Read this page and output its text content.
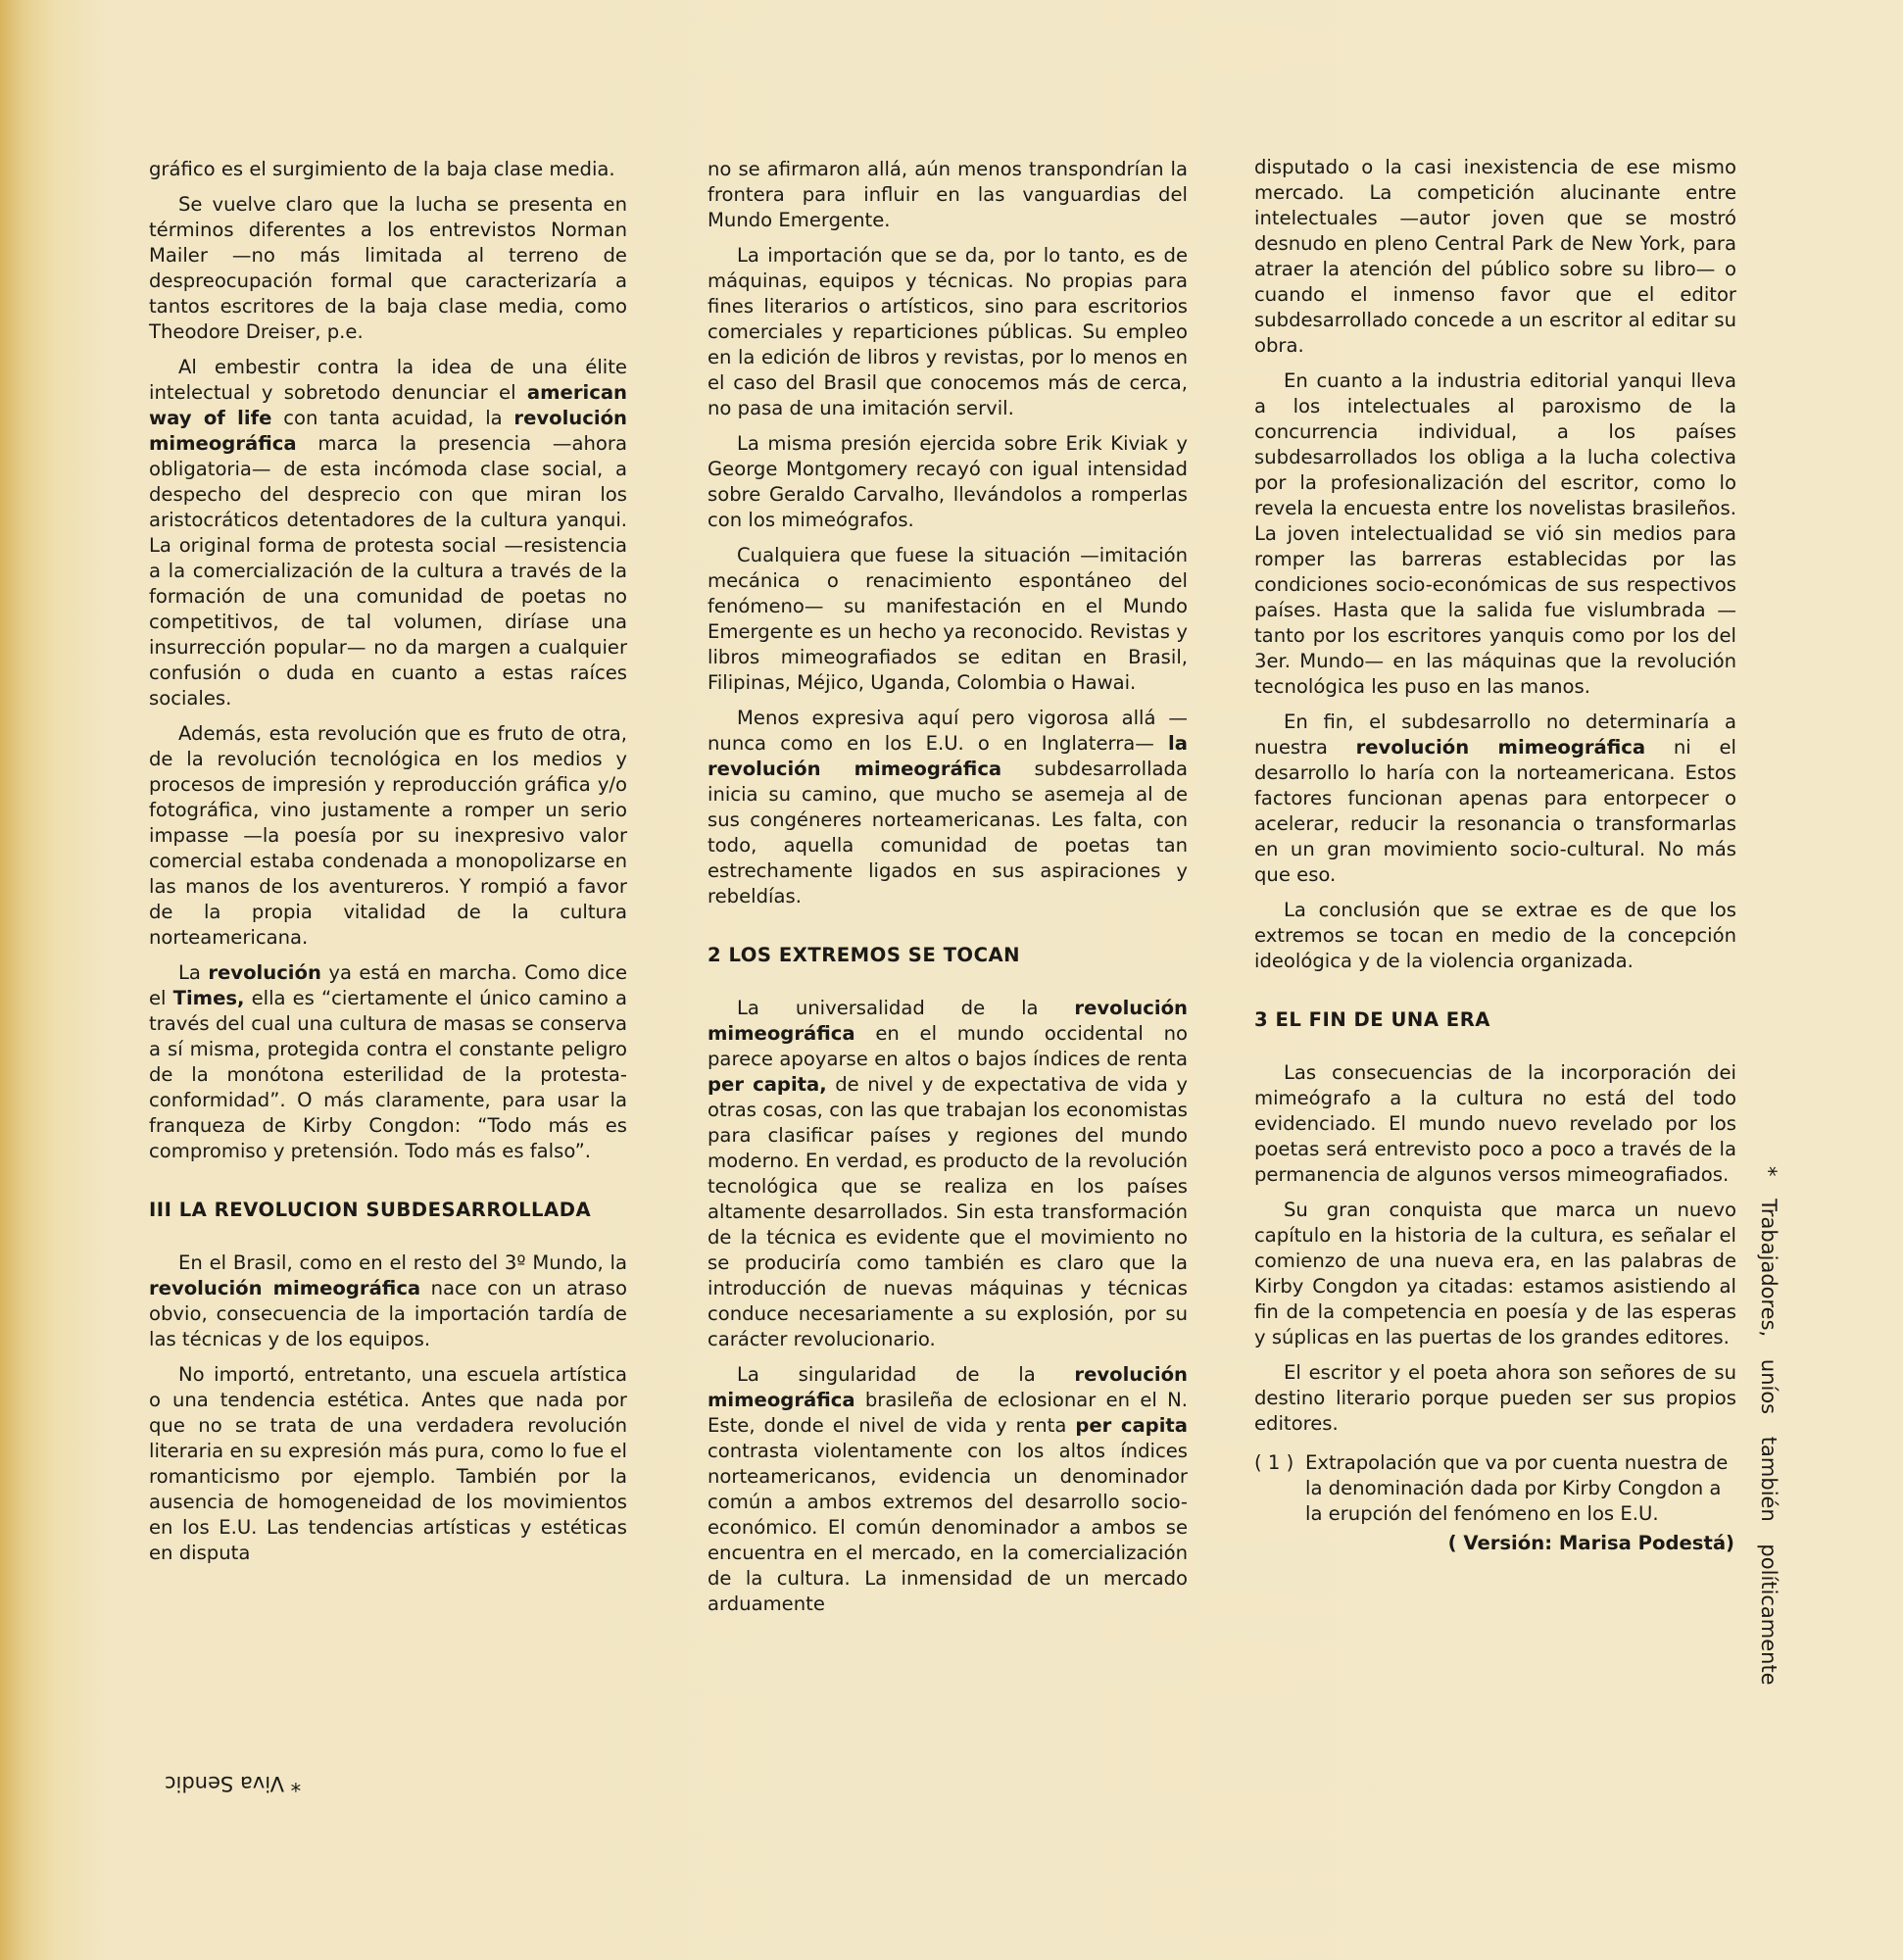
gráfico es el surgimiento de la baja clase media.

Se vuelve claro que la lucha se presenta en términos diferentes a los entrevistos Norman Mailer —no más limitada al terreno de despreocupación formal que caracterizaría a tantos escritores de la baja clase media, como Theodore Dreiser, p.e.

Al embestir contra la idea de una élite intelectual y sobretodo denunciar el american way of life con tanta acuidad, la revolución mimeográfica marca la presencia —ahora obligatoria— de esta incómoda clase social, a despecho del desprecio con que miran los aristocráticos detentadores de la cultura yanqui. La original forma de protesta social —resistencia a la comercialización de la cultura a través de la formación de una comunidad de poetas no competitivos, de tal volumen, diríase una insurrección popular— no da margen a cualquier confusión o duda en cuanto a estas raíces sociales.

Además, esta revolución que es fruto de otra, de la revolución tecnológica en los medios y procesos de impresión y reproducción gráfica y/o fotográfica, vino justamente a romper un serio impasse —la poesía por su inexpresivo valor comercial estaba condenada a monopolizarse en las manos de los aventureros. Y rompió a favor de la propia vitalidad de la cultura norteamericana.

La revolución ya está en marcha. Como dice el Times, ella es “ciertamente el único camino a través del cual una cultura de masas se conserva a sí misma, protegida contra el constante peligro de la monótona esterilidad de la protesta-conformidad”. O más claramente, para usar la franqueza de Kirby Congdon: “Todo más es compromiso y pretensión. Todo más es falso”.

III LA REVOLUCION SUBDESARROLLADA

En el Brasil, como en el resto del 3º Mundo, la revolución mimeográfica nace con un atraso obvio, consecuencia de la importación tardía de las técnicas y de los equipos.

No importó, entretanto, una escuela artística o una tendencia estética. Antes que nada por que no se trata de una verdadera revolución literaria en su expresión más pura, como lo fue el romanticismo por ejemplo. También por la ausencia de homogeneidad de los movimientos en los E.U. Las tendencias artísticas y estéticas en disputa

no se afirmaron allá, aún menos transpondrían la frontera para influir en las vanguardias del Mundo Emergente.

La importación que se da, por lo tanto, es de máquinas, equipos y técnicas. No propias para fines literarios o artísticos, sino para escritorios comerciales y reparticiones públicas. Su empleo en la edición de libros y revistas, por lo menos en el caso del Brasil que conocemos más de cerca, no pasa de una imitación servil.

La misma presión ejercida sobre Erik Kiviak y George Montgomery recayó con igual intensidad sobre Geraldo Carvalho, llevándolos a romperlas con los mimeógrafos.

Cualquiera que fuese la situación —imitación mecánica o renacimiento espontáneo del fenómeno— su manifestación en el Mundo Emergente es un hecho ya reconocido. Revistas y libros mimeografiados se editan en Brasil, Filipinas, Méjico, Uganda, Colombia o Hawai.

Menos expresiva aquí pero vigorosa allá —nunca como en los E.U. o en Inglaterra— la revolución mimeográfica subdesarrollada inicia su camino, que mucho se asemeja al de sus congéneres norteamericanas. Les falta, con todo, aquella comunidad de poetas tan estrechamente ligados en sus aspiraciones y rebeldías.

2 LOS EXTREMOS SE TOCAN

La universalidad de la revolución mimeográfica en el mundo occidental no parece apoyarse en altos o bajos índices de renta per capita, de nivel y de expectativa de vida y otras cosas, con las que trabajan los economistas para clasificar países y regiones del mundo moderno. En verdad, es producto de la revolución tecnológica que se realiza en los países altamente desarrollados. Sin esta transformación de la técnica es evidente que el movimiento no se produciría como también es claro que la introducción de nuevas máquinas y técnicas conduce necesariamente a su explosión, por su carácter revolucionario.

La singularidad de la revolución mimeográfica brasileña de eclosionar en el N. Este, donde el nivel de vida y renta per capita contrasta violentamente con los altos índices norteamericanos, evidencia un denominador común a ambos extremos del desarrollo socio-económico. El común denominador a ambos se encuentra en el mercado, en la comercialización de la cultura. La inmensidad de un mercado arduamente

disputado o la casi inexistencia de ese mismo mercado. La competición alucinante entre intelectuales —autor joven que se mostró desnudo en pleno Central Park de New York, para atraer la atención del público sobre su libro— o cuando el inmenso favor que el editor subdesarrollado concede a un escritor al editar su obra.

En cuanto a la industria editorial yanqui lleva a los intelectuales al paroxismo de la concurrencia individual, a los países subdesarrollados los obliga a la lucha colectiva por la profesionalización del escritor, como lo revela la encuesta entre los novelistas brasileños. La joven intelectualidad se vió sin medios para romper las barreras establecidas por las condiciones socio-económicas de sus respectivos países. Hasta que la salida fue vislumbrada —tanto por los escritores yanquis como por los del 3er. Mundo— en las máquinas que la revolución tecnológica les puso en las manos.

En fin, el subdesarrollo no determinaría a nuestra revolución mimeográfica ni el desarrollo lo haría con la norteamericana. Estos factores funcionan apenas para entorpecer o acelerar, reducir la resonancia o transformarlas en un gran movimiento socio-cultural. No más que eso.

La conclusión que se extrae es de que los extremos se tocan en medio de la concepción ideológica y de la violencia organizada.

3 EL FIN DE UNA ERA

Las consecuencias de la incorporación dei mimeógrafo a la cultura no está del todo evidenciado. El mundo nuevo revelado por los poetas será entrevisto poco a poco a través de la permanencia de algunos versos mimeografiados.

Su gran conquista que marca un nuevo capítulo en la historia de la cultura, es señalar el comienzo de una nueva era, en las palabras de Kirby Congdon ya citadas: estamos asistiendo al fin de la competencia en poesía y de las esperas y súplicas en las puertas de los grandes editores.

El escritor y el poeta ahora son señores de su destino literario porque pueden ser sus propios editores.

( 1 ) Extrapolación que va por cuenta nuestra de la denominación dada por Kirby Congdon a la erupción del fenómeno en los E.U.
( Versión: Marisa Podestá) * Trabajadores, uníos también políticamente
* Viva Sendic
